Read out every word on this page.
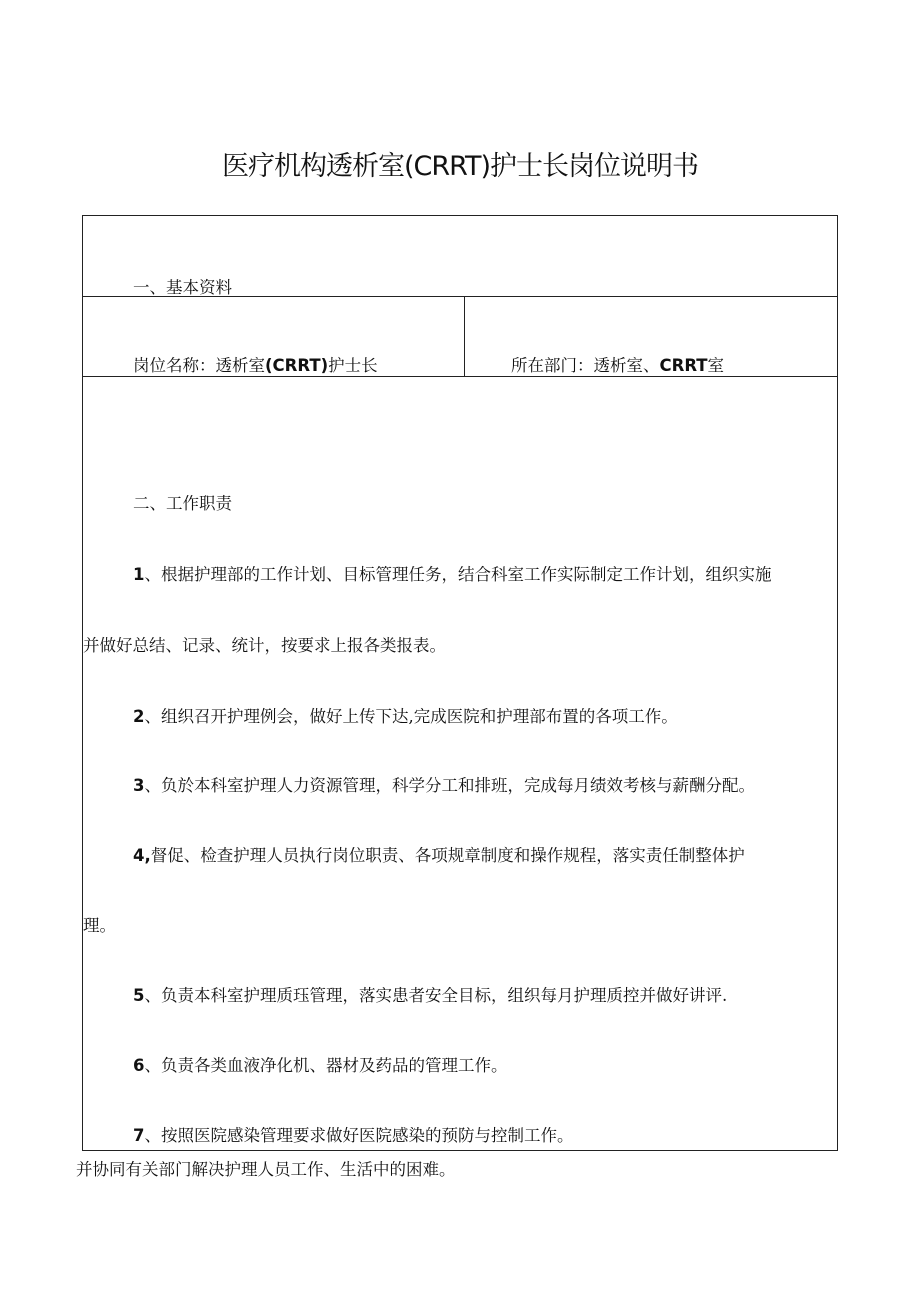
医疗机构透析室(CRRT)护士长岗位说明书
一、基本资料
岗位名称：透析室(CRRT)护士长	所在部门：透析室、CRRT室
二、工作职责
1、根据护理部的工作计划、目标管理任务，结合科室工作实际制定工作计划，组织实施
并做好总结、记录、统计，按要求上报各类报表。
2、组织召开护理例会，做好上传下达,完成医院和护理部布置的各项工作。
3、负於本科室护理人力资源管理，科学分工和排班，完成每月绩效考核与薪酬分配。
4,督促、检查护理人员执行岗位职责、各项规章制度和操作规程，落实责任制整体护
理。
5、负责本科室护理质珏管理，落实患者安全目标，组织每月护理质控并做好讲评.
6、负责各类血液净化机、器材及药品的管理工作。
7、按照医院感染管理要求做好医院感染的预防与控制工作。
并协同有关部门解决护理人员工作、生活中的困难。
